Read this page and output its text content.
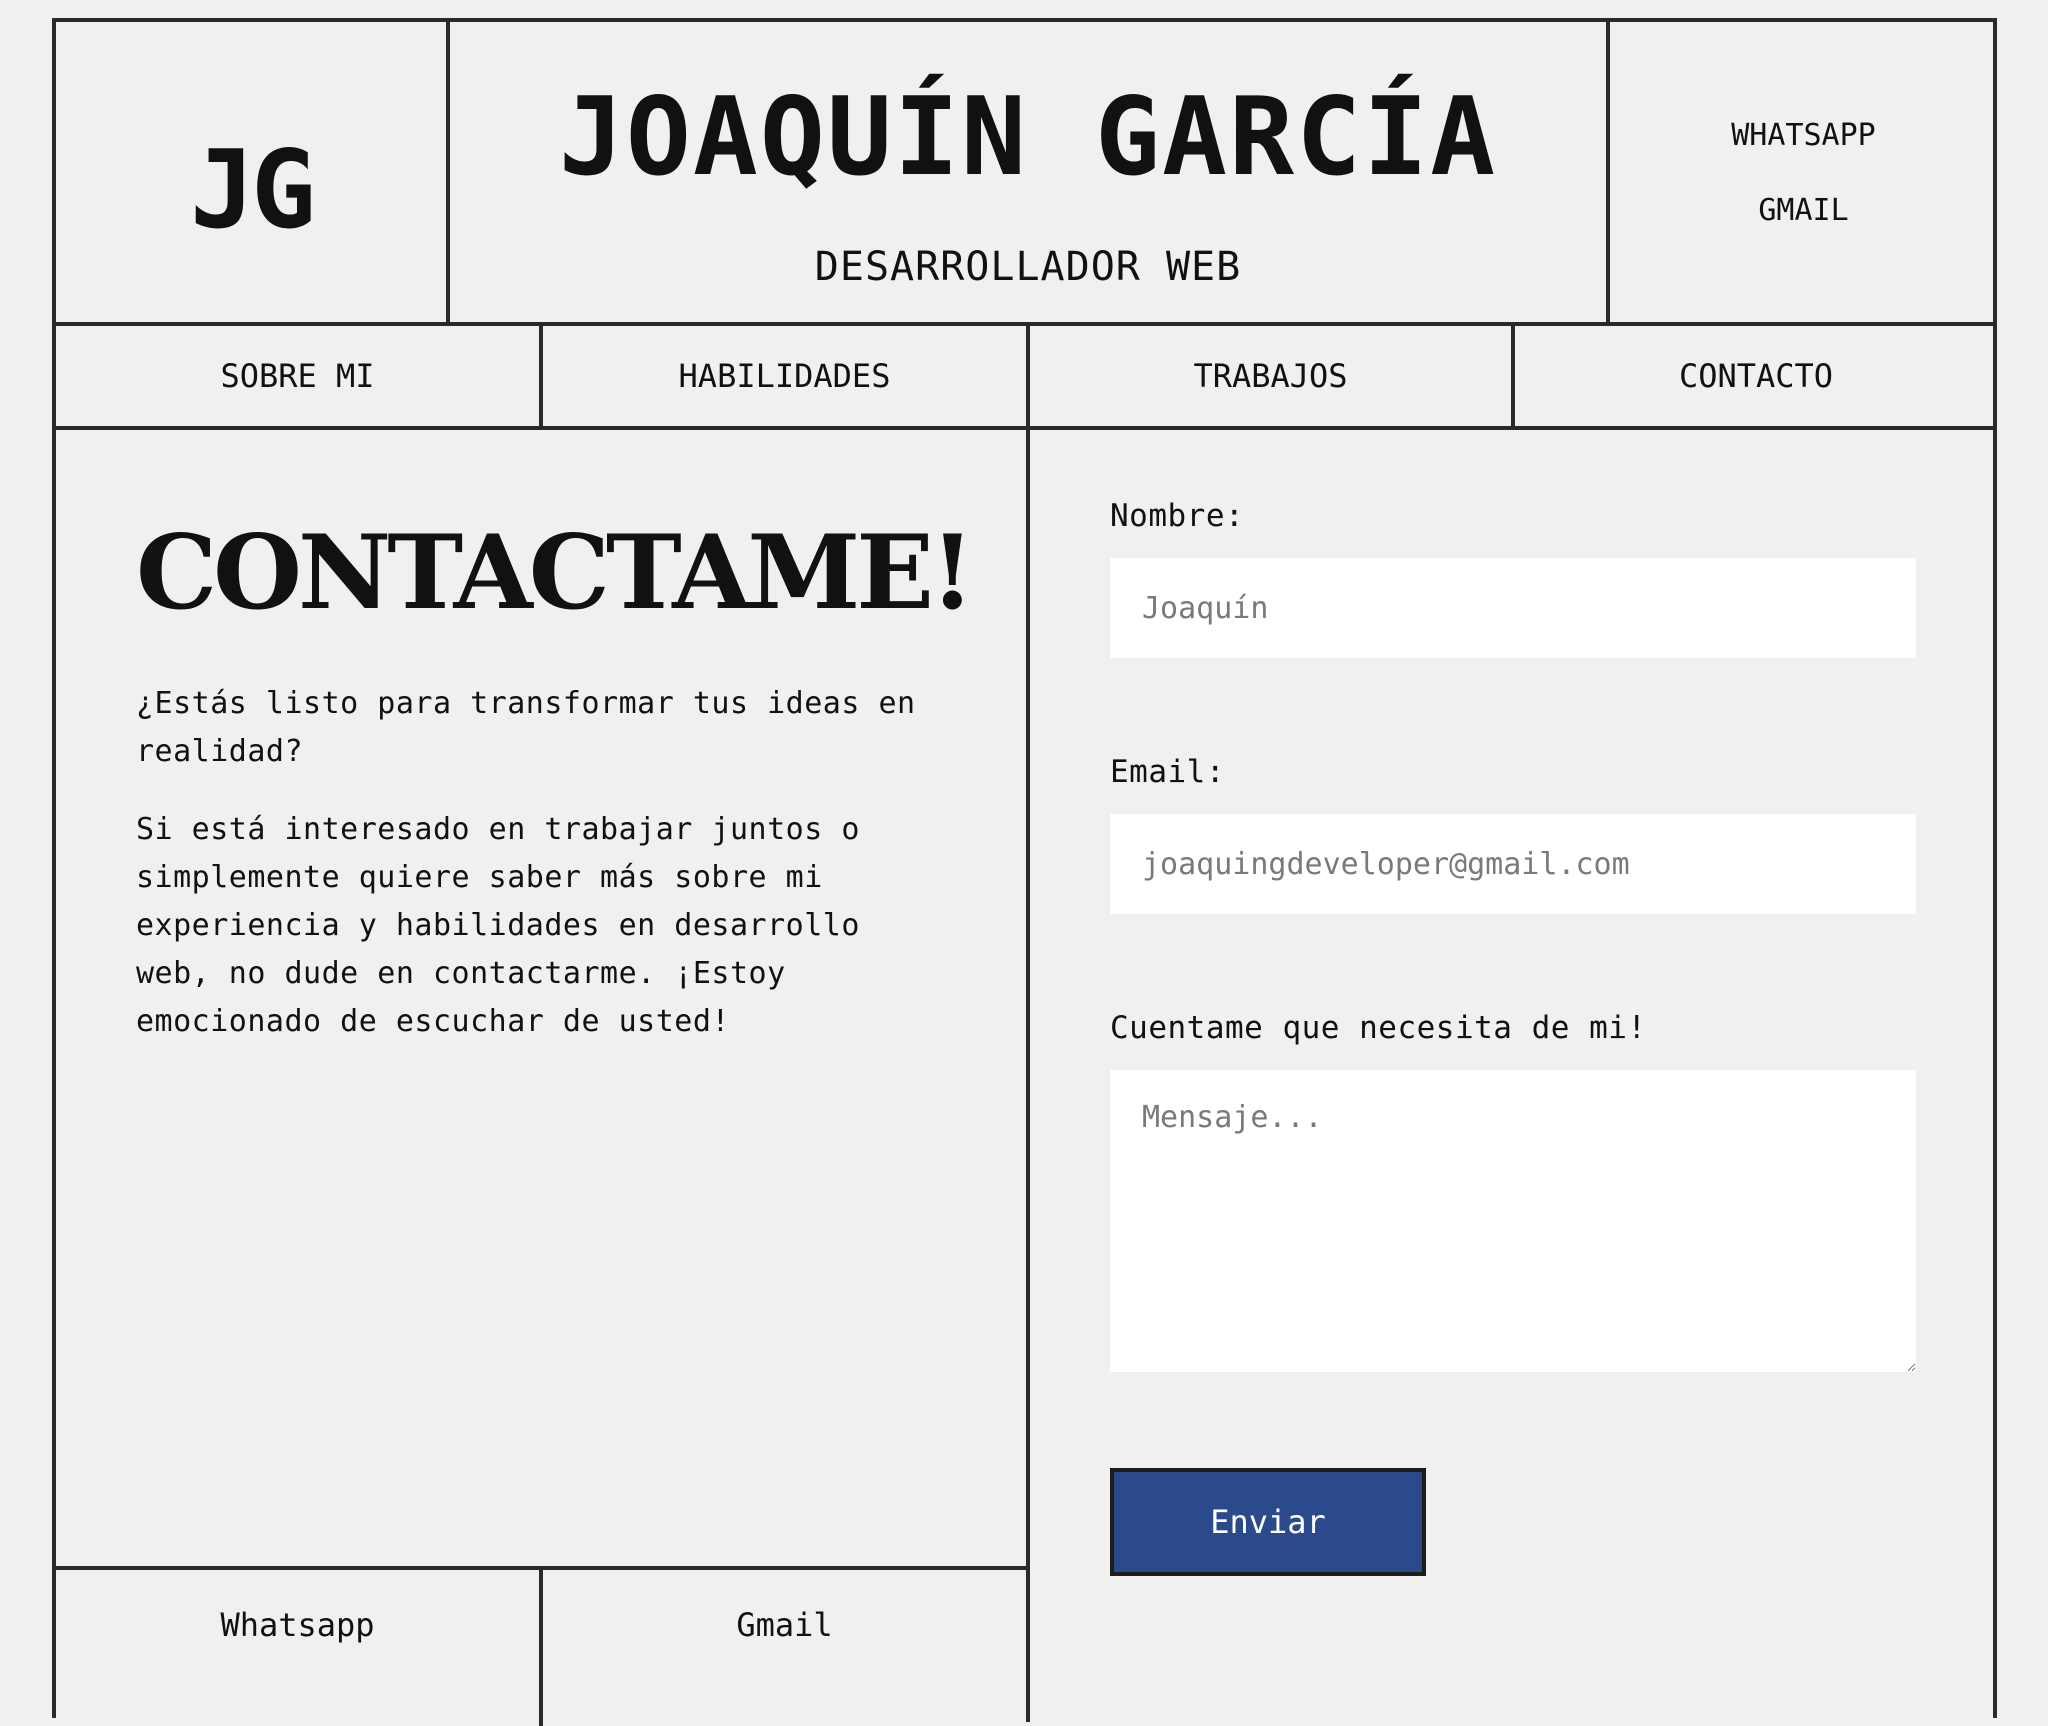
JG	JOAQUÍN GARCÍA
DESARROLLADOR WEB
WHATSAPP
GMAIL
SOBRE MI	HABILIDADES	TRABAJOS	CONTACTO
CONTACTAME!

¿Estás listo para transformar tus ideas en realidad?

Si está interesado en trabajar juntos o simplemente quiere saber más sobre mi experiencia y habilidades en desarrollo web, no dude en contactarme. ¡Estoy emocionado de escuchar de usted!

Whatsapp	Gmail
Nombre:
Joaquín
Email:
joaquingdeveloper@gmail.com
Cuentame que necesita de mi!
Mensaje... Enviar
